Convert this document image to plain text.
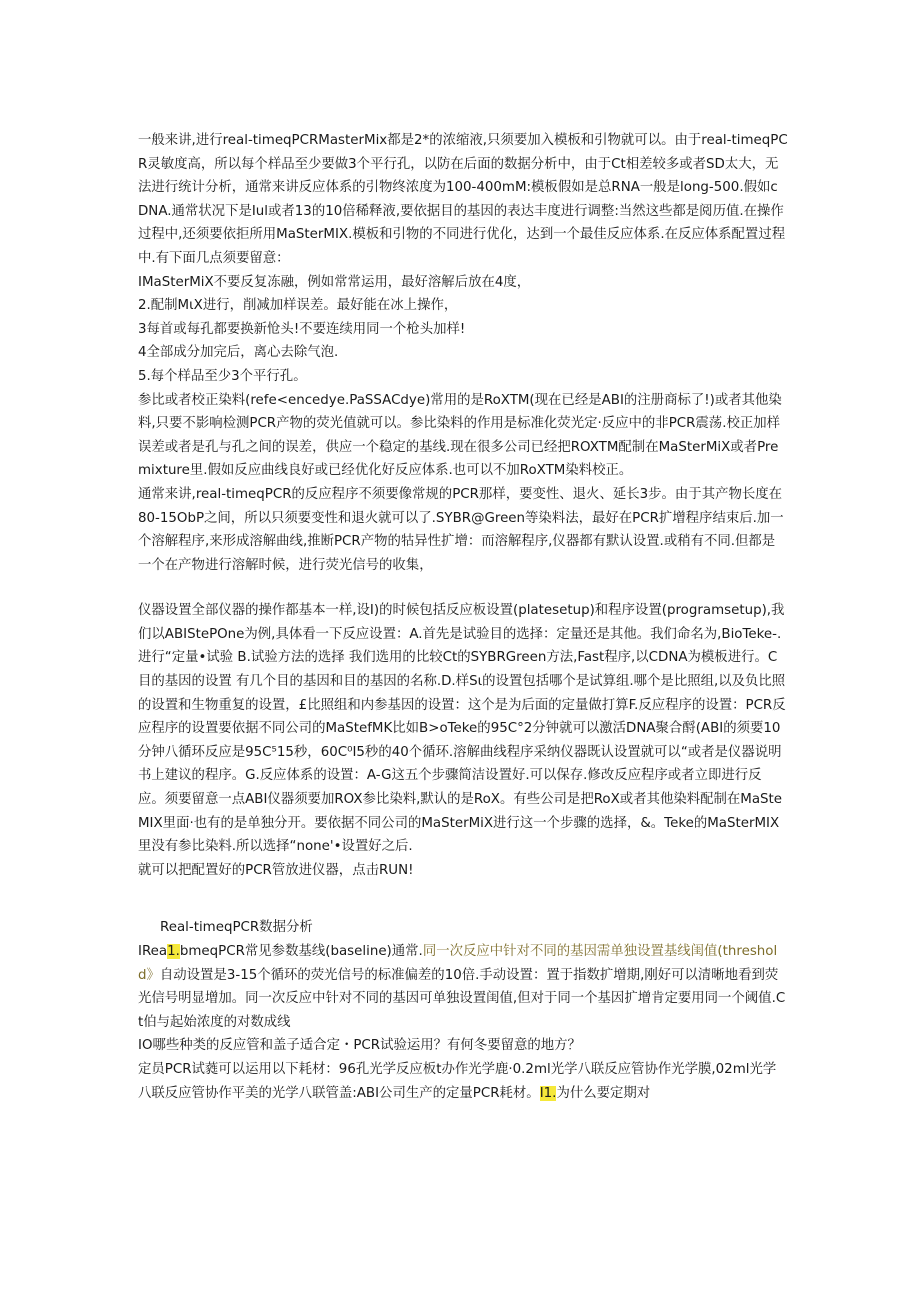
一般来讲,进行real-timeqPCRMasterMix都是2*的浓缩液,只须要加入模板和引物就可以。由于real-timeqPCR灵敏度高，所以每个样品至少要做3个平行孔，以防在后面的数据分析中，由于Ct相差较多或者SD太大，无法进行统计分析，通常来讲反应体系的引物终浓度为100-400mM:模板假如是总RNA一般是long-500.假如cDNA.通常状况下是Iul或者13的10倍稀释液,要依据目的基因的表达丰度进行调整:当然这些都是阅历值.在操作过程中,还须要依拒所用MaSterMIX.模板和引物的不同进行优化，达到一个最佳反应体系.在反应体系配置过程中.有下面几点须要留意：

IMaSterMiX不要反复冻融，例如常常运用，最好溶解后放在4度，

2.配制MιX进行，削减加样误差。最好能在冰上操作，

3每首或每孔都要换新怆头!不要连续用同一个枪头加样!

4全部成分加完后，离心去除气泡.

5.每个样品至少3个平行孔。

参比或者校正染料(refe<encedye.PaSSACdye)常用的是RoXTM(现在已经是ABI的注册商标了!)或者其他染料,只要不影响检测PCR产物的荧光值就可以。参比染料的作用是标准化荧光定·反应中的非PCR震荡.校正加样误差或者是孔与孔之间的误差，供应一个稳定的基线.现在很多公司已经把ROXTM配制在MaSterMiX或者Premixture里.假如反应曲线良好或已经优化好反应体系.也可以不加RoXTM染料校正。

通常来讲,real-timeqPCR的反应程序不须要像常规的PCR那样，要变性、退火、延长3步。由于其产物长度在80-15ObP之间，所以只须要变性和退火就可以了.SYBR@Green等染料法，最好在PCR扩增程序结束后.加一个溶解程序,来形成溶解曲线,推断PCR产物的牯异性扩增：而溶解程序,仪器都有默认设置.或稍有不同.但都是一个在产物进行溶解时候，进行荧光信号的收集，

仪器设置全部仪器的操作都基本一样,设I)的时候包括反应板设置(platesetup)和程序设置(programsetup),我们以ABIStePOne为例,具体看一下反应设置：A.首先是试验目的选择：定量还是其他。我们命名为,BioTeke-.进行“定量•试验 B.试验方法的选择 我们选用的比较Ct的SYBRGreen方法,Fast程序,以CDNA为模板进行。C目的基因的设置 有几个目的基因和目的基因的名称.D.样Sι的设置包括哪个是试算组.哪个是比照组,以及负比照的设置和生物重复的设置，£比照组和内参基因的设置：这个是为后面的定量做打算F.反应程序的设置：PCR反应程序的设置要依据不同公司的MaStefMK比如B>oTeke的95C°2分钟就可以激活DNA聚合酹(ABI的须要10分钟八循环反应是95C⁵15秒，60C⁰I5秒的40个循环.溶解曲线程序采纳仪器既认设置就可以“或者是仪器说明书上建议的程序。G.反应体系的设置：A-G这五个步骤简洁设置好.可以保存.修改反应程序或者立即进行反应。须要留意一点ABI仪器须要加ROX参比染料,默认的是RoX。有些公司是把RoX或者其他染料配制在MaSteMIX里面·也有的是单独分开。要依据不同公司的MaSterMiX进行这一个步骤的选择，&。Teke的MaSterMIX里没有参比染料.所以选择“none'•设置好之后.

就可以把配置好的PCR管放进仪器，点击RUN!

Real-timeqPCR数据分析

IRea1.bmeqPCR常见参数基线(baseline)通常.同一次反应中针对不同的基因需单独设置基线闺值(threshold》自动设置是3-15个循环的荧光信号的标准偏差的10倍.手动设置：置于指数扩增期,刚好可以清晰地看到荧光信号明显增加。同一次反应中针对不同的基因可单独设置闺值,但对于同一个基因扩增肯定要用同一个阈值.Ct伯与起始浓度的对数成线

IO哪些种类的反应管和盖子适合定・PCR试验运用？有何冬要留意的地方？

定员PCR试蕤可以运用以下耗材：96孔光学反应板t办作光学鹿·0.2ml光学八联反应管协作光学膜,02ml光学八联反应管协作平美的光学八联管盖:ABI公司生产的定量PCR耗材。I1.为什么要定期对
